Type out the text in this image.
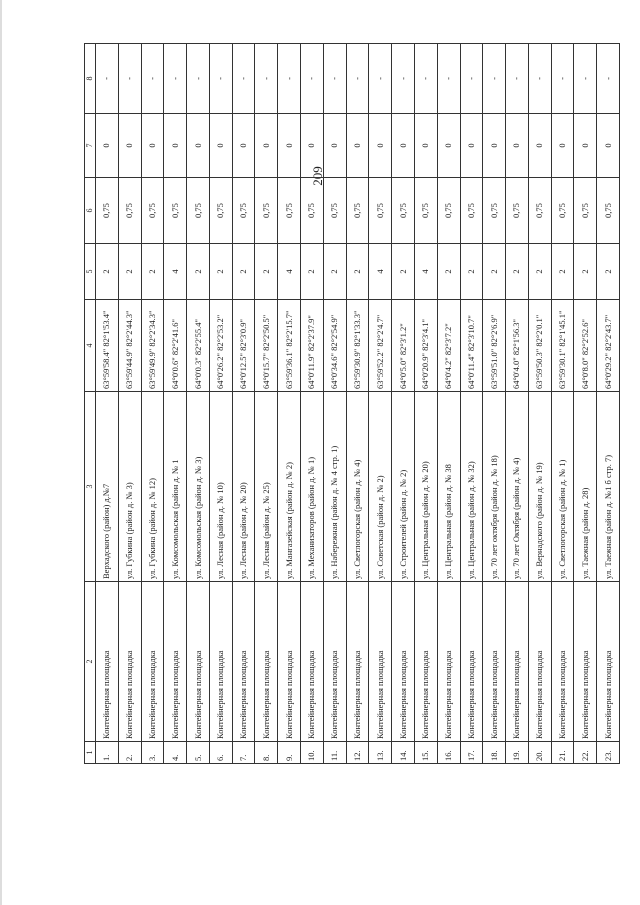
209
1	2	3	4	5	6	7	8
1.	Контейнерная площадка	Верхадского (район) д.№7	63°59'58.4" 82°1'53.4"	2	0,75	0	-
2.	Контейнерная площадка	ул. Губкина (район д. № 3)	63°59'44.9" 82°2'44.3"	2	0,75	0	-
3.	Контейнерная площадка	ул. Губкина (район д. № 12)	63°59'49.9" 82°2'34.3"	2	0,75	0	-
4.	Контейнерная площадка	ул. Комсомольская (район д. № 1	64°0'0.6" 82°2'41.6"	4	0,75	0	-
5.	Контейнерная площадка	ул. Комсомольская (район д. № 3)	64°0'0.3" 82°2'55.4"	2	0,75	0	-
6.	Контейнерная площадка	ул. Лесная (район д. № 10)	64°0'26.2" 82°2'53.2"	2	0,75	0	-
7.	Контейнерная площадка	ул. Лесная (район д. № 20)	64°0'12.5" 82°3'0.9"	2	0,75	0	-
8.	Контейнерная площадка	ул. Лесная (район д. № 25)	64°0'15.7" 82°2'50.5"	2	0,75	0	-
9.	Контейнерная площадка	ул. Мангазейская (район д. № 2)	63°59'36.1" 82°2'15.7"	4	0,75	0	-
10.	Контейнерная площадка	ул. Механизаторов (район д. № 1)	64°0'11.9" 82°2'37.9"	2	0,75	0	-
11.	Контейнерная площадка	ул. Набережная (район д. № 4 стр. 1)	64°0'34.6" 82°2'54.9"	2	0,75	0	-
12.	Контейнерная площадка	ул. Светлогорская (район д. № 4)	63°59'30.9" 82°1'33.3"	2	0,75	0	-
13.	Контейнерная площадка	ул. Советская (район д. № 2)	63°59'52.2" 82°2'4.7"	4	0,75	0	-
14.	Контейнерная площадка	ул. Строителей (район д. № 2)	64°0'5.0" 82°3'1.2"	2	0,75	0	-
15.	Контейнерная площадка	ул. Центральная (район д. № 20)	64°0'20.9" 82°3'4.1"	4	0,75	0	-
16.	Контейнерная площадка	ул. Центральная (район д. № 38	64°0'4.2" 82°3'7.2"	2	0,75	0	-
17.	Контейнерная площадка	ул. Центральная (район д. № 32)	64°0'11.4" 82°3'10.7"	2	0,75	0	-
18.	Контейнерная площадка	ул. 70 лет октября (район д. № 18)	63°59'51.0" 82°2'6.9"	2	0,75	0	-
19.	Контейнерная площадка	ул. 70 лет Октября (район д. № 4)	64°0'4.0" 82°1'56.3"	2	0,75	0	-
20.	Контейнерная площадка	ул. Вернадского (район д. № 19)	63°59'50.3" 82°2'0.1"	2	0,75	0	-
21.	Контейнерная площадка	ул. Светлогорская (район д. № 1)	63°59'30.1" 82°1'45.1"	2	0,75	0	-
22.	Контейнерная площадка	ул. Таежная (район д. 28)	64°0'8.0" 82°2'52.6"	2	0,75	0	-
23.	Контейнерная площадка	ул. Таежная (район д. №1 б стр. 7)	64°0'29.2" 82°2'43.7"	2	0,75	0	-
